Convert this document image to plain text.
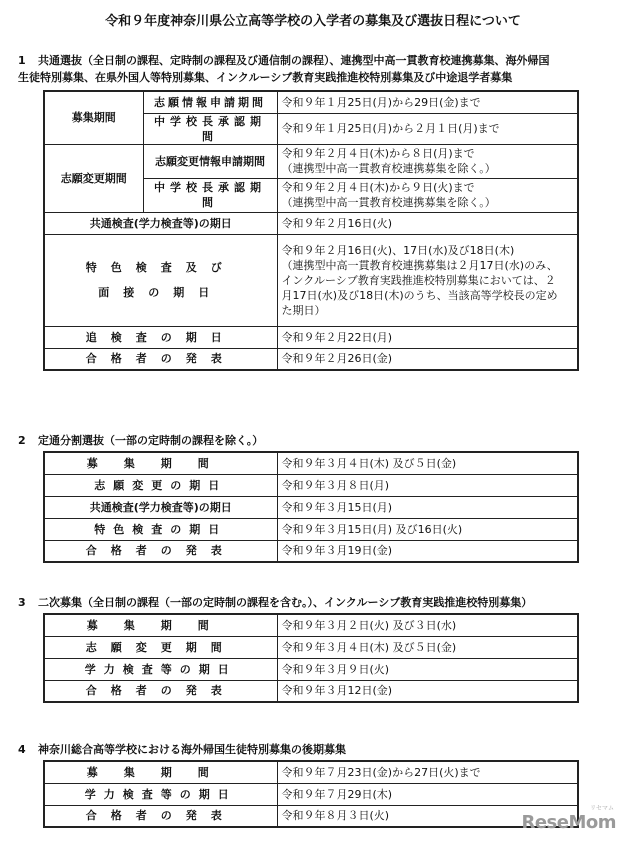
令和９年度神奈川県公立高等学校の入学者の募集及び選抜日程について
1 共通選抜（全日制の課程、定時制の課程及び通信制の課程）、連携型中高一貫教育校連携募集、海外帰国
生徒特別募集、在県外国人等特別募集、インクルーシブ教育実践推進校特別募集及び中途退学者募集
募集期間	志願情報申請期間	令和９年１月25日(月)から29日(金)まで
	中学校長承認期間	令和９年１月25日(月)から２月１日(月)まで
志願変更期間	志願変更情報申請期間	令和９年２月４日(木)から８日(月)まで
（連携型中高一貫教育校連携募集を除く。）

	中学校長承認期間	令和９年２月４日(木)から９日(火)まで
（連携型中高一貫教育校連携募集を除く。）

共通検査(学力検査等)の期日		令和９年２月16日(火)

特色検査及び
面接の期日		令和９年２月16日(火)、17日(水)及び18日(木)
（連携型中高一貫教育校連携募集は２月17日(水)のみ、
インクルーシブ教育実践推進校特別募集においては、２
月17日(水)及び18日(木)のうち、当該高等学校長の定め
た期日）

追検査の期日		令和９年２月22日(月)
合格者の発表		令和９年２月26日(金)
2 定通分割選抜（一部の定時制の課程を除く。）
募集期間	令和９年３月４日(木) 及び５日(金)
志願変更の期日	令和９年３月８日(月)
共通検査(学力検査等)の期日	令和９年３月15日(月)
特色検査の期日	令和９年３月15日(月) 及び16日(火)
合格者の発表	令和９年３月19日(金)
3 二次募集（全日制の課程（一部の定時制の課程を含む。）、インクルーシブ教育実践推進校特別募集）
募集期間	令和９年３月２日(火) 及び３日(水)
志願変更期間	令和９年３月４日(木) 及び５日(金)
学力検査等の期日	令和９年３月９日(火)
合格者の発表	令和９年３月12日(金)
4 神奈川総合高等学校における海外帰国生徒特別募集の後期募集
募集期間	令和９年７月23日(金)から27日(火)まで
学力検査等の期日	令和９年７月29日(木)
合格者の発表	令和９年８月３日(火)
リセマム
ReseMom
